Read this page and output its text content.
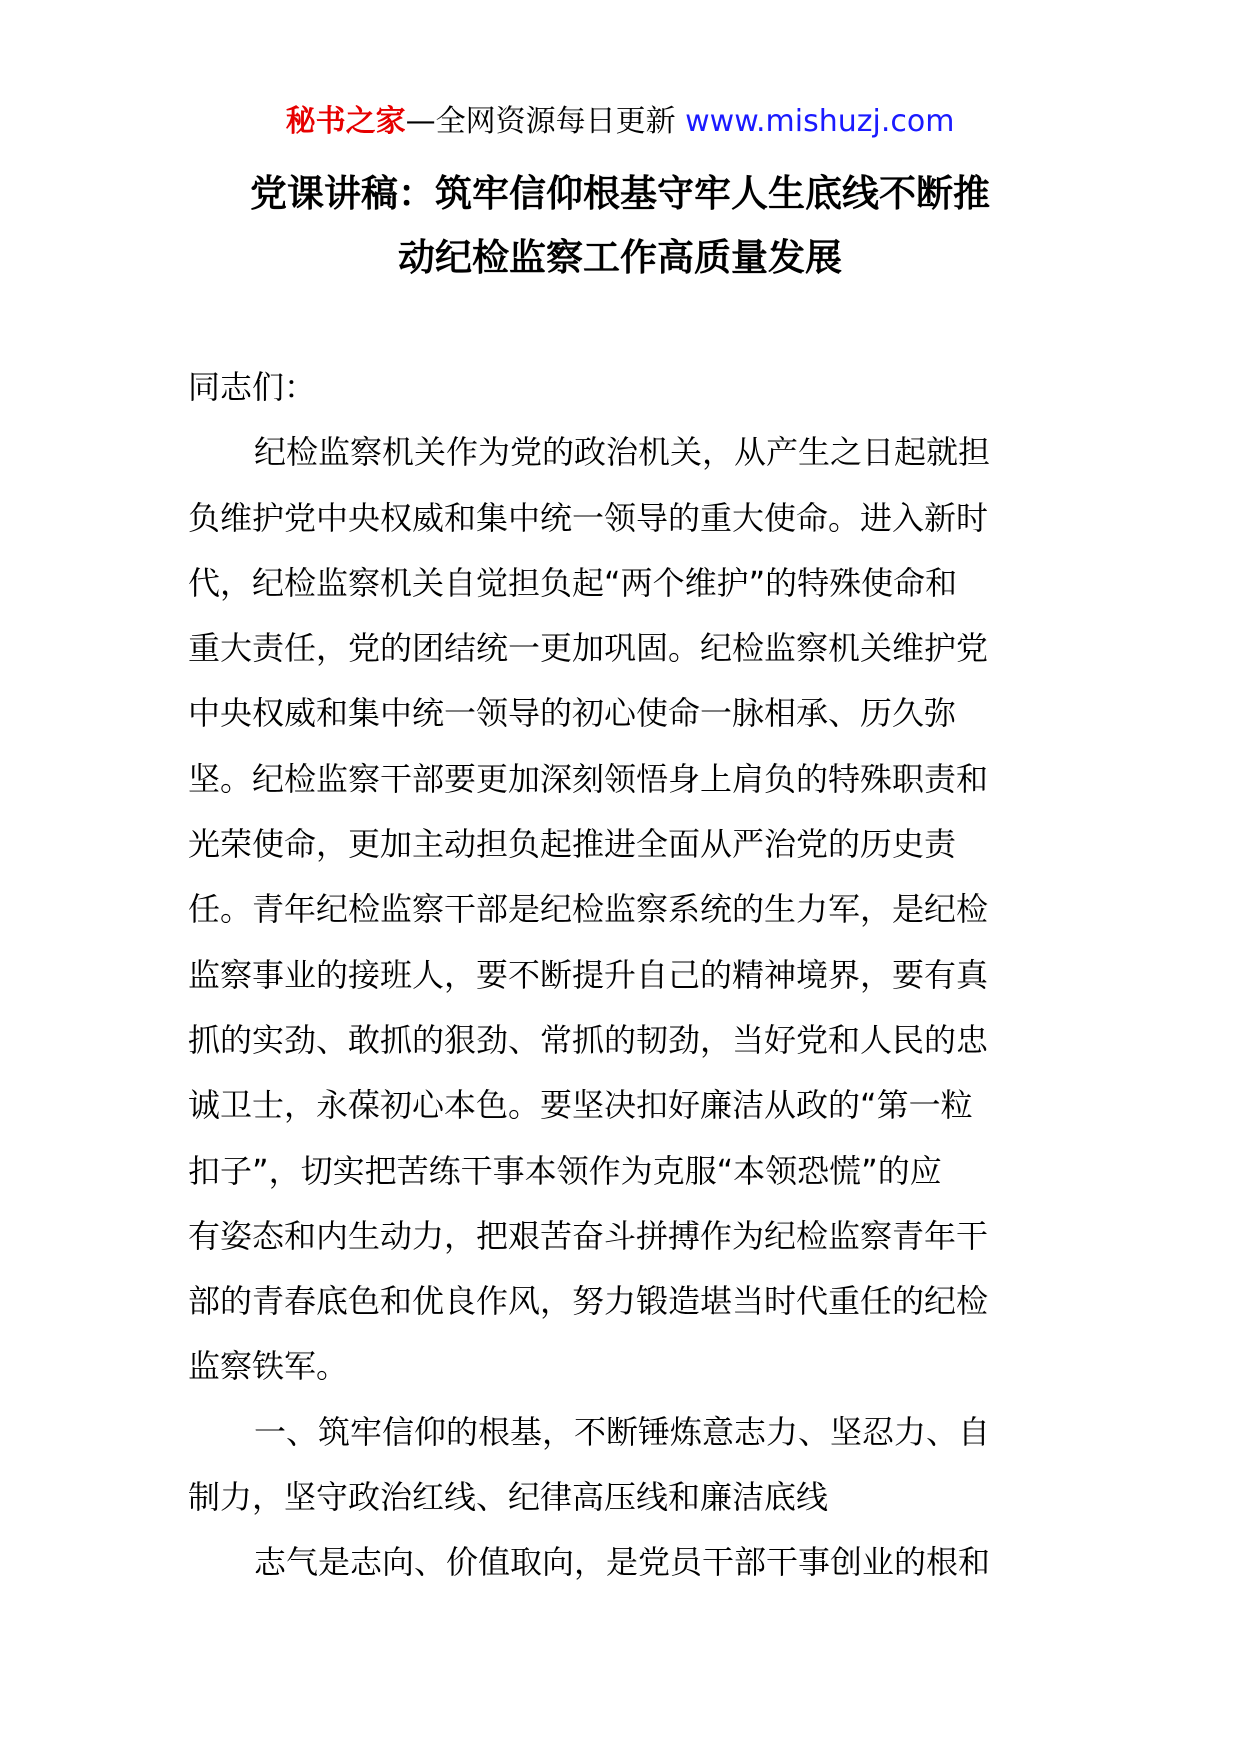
秘书之家—全网资源每日更新 www.mishuzj.com
党课讲稿：筑牢信仰根基守牢人生底线不断推
动纪检监察工作高质量发展

同志们：

纪检监察机关作为党的政治机关，从产生之日起就担
负维护党中央权威和集中统一领导的重大使命。进入新时
代，纪检监察机关自觉担负起“两个维护”的特殊使命和
重大责任，党的团结统一更加巩固。纪检监察机关维护党
中央权威和集中统一领导的初心使命一脉相承、历久弥
坚。纪检监察干部要更加深刻领悟身上肩负的特殊职责和
光荣使命，更加主动担负起推进全面从严治党的历史责
任。青年纪检监察干部是纪检监察系统的生力军，是纪检
监察事业的接班人，要不断提升自己的精神境界，要有真
抓的实劲、敢抓的狠劲、常抓的韧劲，当好党和人民的忠
诚卫士，永葆初心本色。要坚决扣好廉洁从政的“第一粒
扣子”，切实把苦练干事本领作为克服“本领恐慌”的应
有姿态和内生动力，把艰苦奋斗拼搏作为纪检监察青年干
部的青春底色和优良作风，努力锻造堪当时代重任的纪检
监察铁军。

一、筑牢信仰的根基，不断锤炼意志力、坚忍力、自
制力，坚守政治红线、纪律高压线和廉洁底线

志气是志向、价值取向，是党员干部干事创业的根和
